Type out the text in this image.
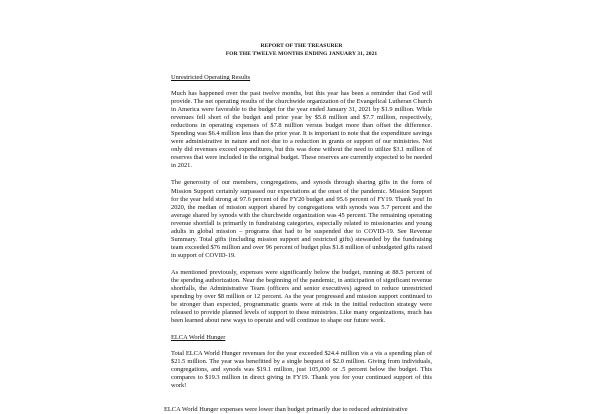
REPORT OF THE TREASURER

FOR THE TWELVE MONTHS ENDING JANUARY 31, 2021

Unrestricted Operating Results

Much has happened over the past twelve months, but this year has been a reminder that God will provide. The net operating results of the churchwide organization of the Evangelical Lutheran Church in America were favorable to the budget for the year ended January 31, 2021 by $1.9 million. While revenues fell short of the budget and prior year by $5.8 million and $7.7 million, respectively, reductions in operating expenses of $7.8 million versus budget more than offset the difference. Spending was $6.4 million less than the prior year. It is important to note that the expenditure savings were administrative in nature and not due to a reduction in grants or support of our ministries. Not only did revenues exceed expenditures, but this was done without the need to utilize $3.1 million of reserves that were included in the original budget. These reserves are currently expected to be needed in 2021.

The generosity of our members, congregations, and synods through sharing gifts in the form of Mission Support certainly surpassed our expectations at the onset of the pandemic. Mission Support for the year held strong at 97.6 percent of the FY20 budget and 95.6 percent of FY19. Thank you! In 2020, the median of mission support shared by congregations with synods was 5.7 percent and the average shared by synods with the churchwide organization was 45 percent. The remaining operating revenue shortfall is primarily in fundraising categories, especially related to missionaries and young adults in global mission – programs that had to be suspended due to COVID-19. See Revenue Summary. Total gifts (including mission support and restricted gifts) stewarded by the fundraising team exceeded $76 million and over 96 percent of budget plus $1.8 million of unbudgeted gifts raised in support of COVID-19.

As mentioned previously, expenses were significantly below the budget, running at 88.5 percent of the spending authorization. Near the beginning of the pandemic, in anticipation of significant revenue shortfalls, the Administrative Team (officers and senior executives) agreed to reduce unrestricted spending by over $8 million or 12 percent. As the year progressed and mission support continued to be stronger than expected, programmatic grants were at risk in the initial reduction strategy were released to provide planned levels of support to these ministries. Like many organizations, much has been learned about new ways to operate and will continue to shape our future work.

ELCA World Hunger

Total ELCA World Hunger revenues for the year exceeded $24.4 million vis a vis a spending plan of $21.5 million. The year was benefitted by a single bequest of $2.0 million. Giving from individuals, congregations, and synods was $19.1 million, just 105,000 or .5 percent below the budget. This compares to $19.3 million in direct giving in FY19. Thank you for your continued support of this work!

ELCA World Hunger expenses were lower than budget primarily due to reduced administrative
